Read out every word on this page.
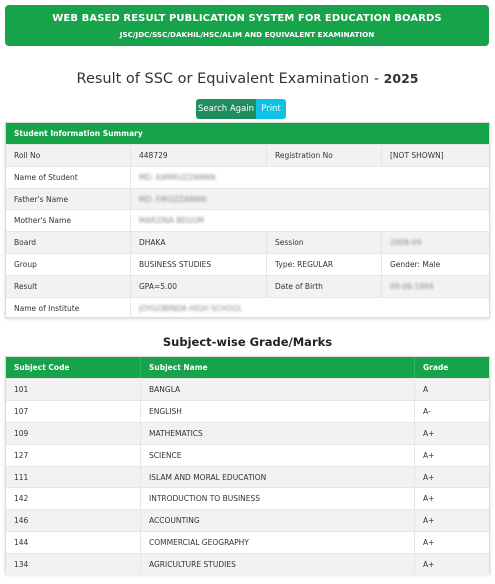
WEB BASED RESULT PUBLICATION SYSTEM FOR EDUCATION BOARDS
JSC/JDC/SSC/DAKHIL/HSC/ALIM AND EQUIVALENT EXAMINATION
Result of SSC or Equivalent Examination - 2025
Search Again Print
Student Information Summary
Roll No	448729	Registration No	[NOT SHOWN]
Name of Student	MD. KAMRUZZAMAN
Father's Name	MD. FIROZZAMAN
Mother's Name	MARZINA BEGUM
Board	DHAKA	Session	2008-09
Group	BUSINESS STUDIES	Type: REGULAR	Gender: Male
Result	GPA=5.00	Date of Birth	09-06-1994
Name of Institute	JOYGOBINDA HIGH SCHOOL
Subject-wise Grade/Marks
Subject Code	Subject Name	Grade
101	BANGLA	A
107	ENGLISH	A-
109	MATHEMATICS	A+
127	SCIENCE	A+
111	ISLAM AND MORAL EDUCATION	A+
142	INTRODUCTION TO BUSINESS	A+
146	ACCOUNTING	A+
144	COMMERCIAL GEOGRAPHY	A+
134	AGRICULTURE STUDIES	A+
